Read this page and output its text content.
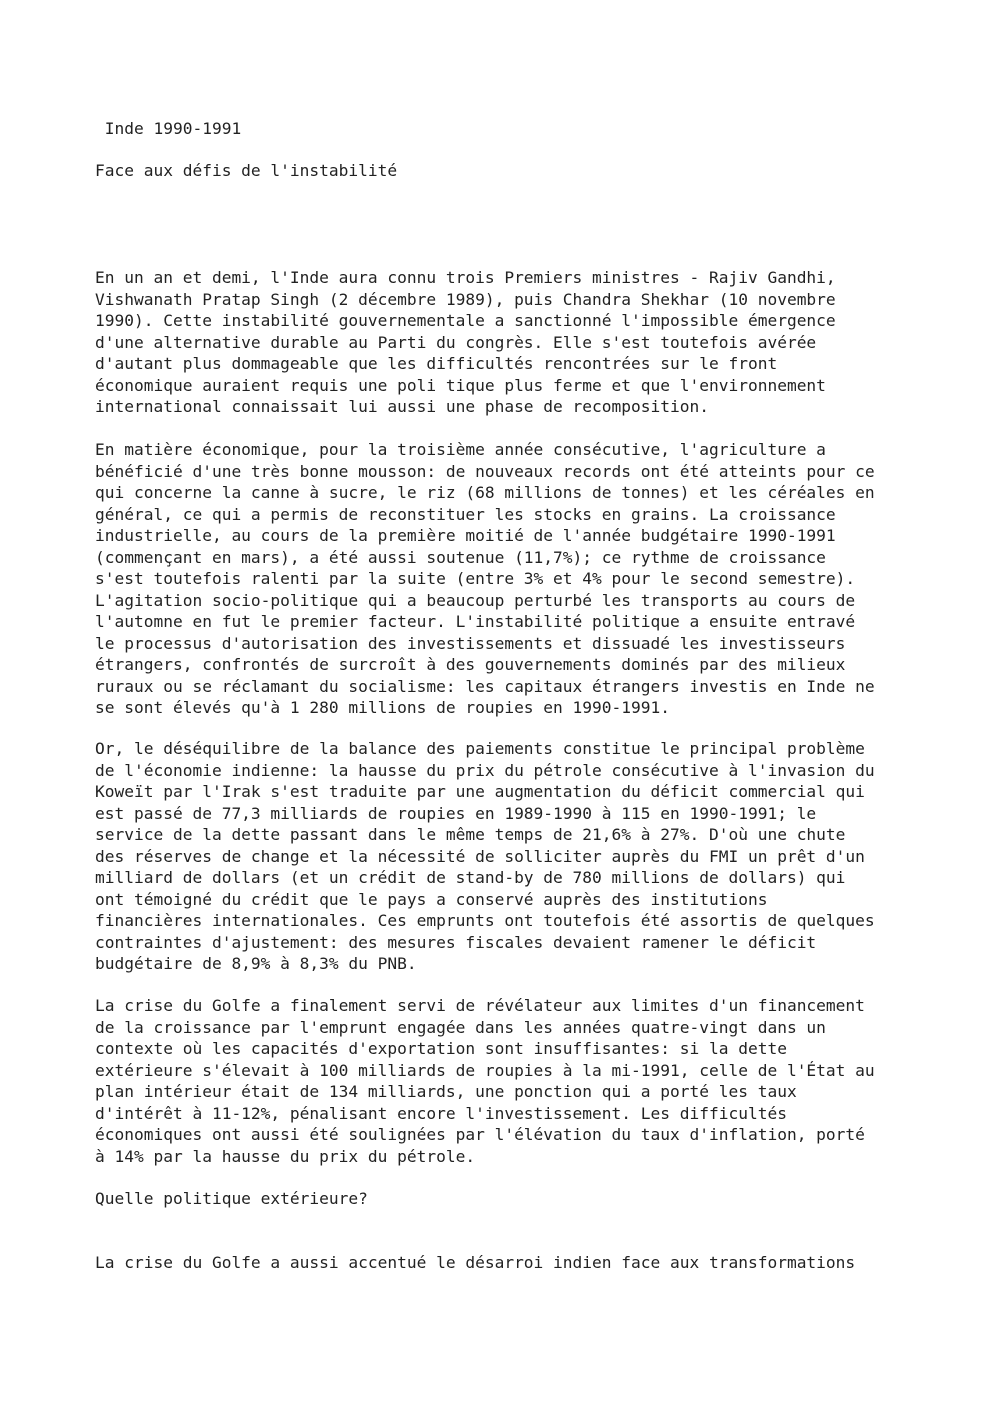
Inde 1990-1991

Face aux défis de l'instabilité

En un an et demi, l'Inde aura connu trois Premiers ministres - Rajiv Gandhi,
Vishwanath Pratap Singh (2 décembre 1989), puis Chandra Shekhar (10 novembre
1990). Cette instabilité gouvernementale a sanctionné l'impossible émergence
d'une alternative durable au Parti du congrès. Elle s'est toutefois avérée
d'autant plus dommageable que les difficultés rencontrées sur le front
économique auraient requis une poli tique plus ferme et que l'environnement
international connaissait lui aussi une phase de recomposition.

En matière économique, pour la troisième année consécutive, l'agriculture a
bénéficié d'une très bonne mousson: de nouveaux records ont été atteints pour ce
qui concerne la canne à sucre, le riz (68 millions de tonnes) et les céréales en
général, ce qui a permis de reconstituer les stocks en grains. La croissance
industrielle, au cours de la première moitié de l'année budgétaire 1990-1991
(commençant en mars), a été aussi soutenue (11,7%); ce rythme de croissance
s'est toutefois ralenti par la suite (entre 3% et 4% pour le second semestre).
L'agitation socio-politique qui a beaucoup perturbé les transports au cours de
l'automne en fut le premier facteur. L'instabilité politique a ensuite entravé
le processus d'autorisation des investissements et dissuadé les investisseurs
étrangers, confrontés de surcroît à des gouvernements dominés par des milieux
ruraux ou se réclamant du socialisme: les capitaux étrangers investis en Inde ne
se sont élevés qu'à 1 280 millions de roupies en 1990-1991.

Or, le déséquilibre de la balance des paiements constitue le principal problème
de l'économie indienne: la hausse du prix du pétrole consécutive à l'invasion du
Koweït par l'Irak s'est traduite par une augmentation du déficit commercial qui
est passé de 77,3 milliards de roupies en 1989-1990 à 115 en 1990-1991; le
service de la dette passant dans le même temps de 21,6% à 27%. D'où une chute
des réserves de change et la nécessité de solliciter auprès du FMI un prêt d'un
milliard de dollars (et un crédit de stand-by de 780 millions de dollars) qui
ont témoigné du crédit que le pays a conservé auprès des institutions
financières internationales. Ces emprunts ont toutefois été assortis de quelques
contraintes d'ajustement: des mesures fiscales devaient ramener le déficit
budgétaire de 8,9% à 8,3% du PNB.

La crise du Golfe a finalement servi de révélateur aux limites d'un financement
de la croissance par l'emprunt engagée dans les années quatre-vingt dans un
contexte où les capacités d'exportation sont insuffisantes: si la dette
extérieure s'élevait à 100 milliards de roupies à la mi-1991, celle de l'État au
plan intérieur était de 134 milliards, une ponction qui a porté les taux
d'intérêt à 11-12%, pénalisant encore l'investissement. Les difficultés
économiques ont aussi été soulignées par l'élévation du taux d'inflation, porté
à 14% par la hausse du prix du pétrole.

Quelle politique extérieure?

La crise du Golfe a aussi accentué le désarroi indien face aux transformations
